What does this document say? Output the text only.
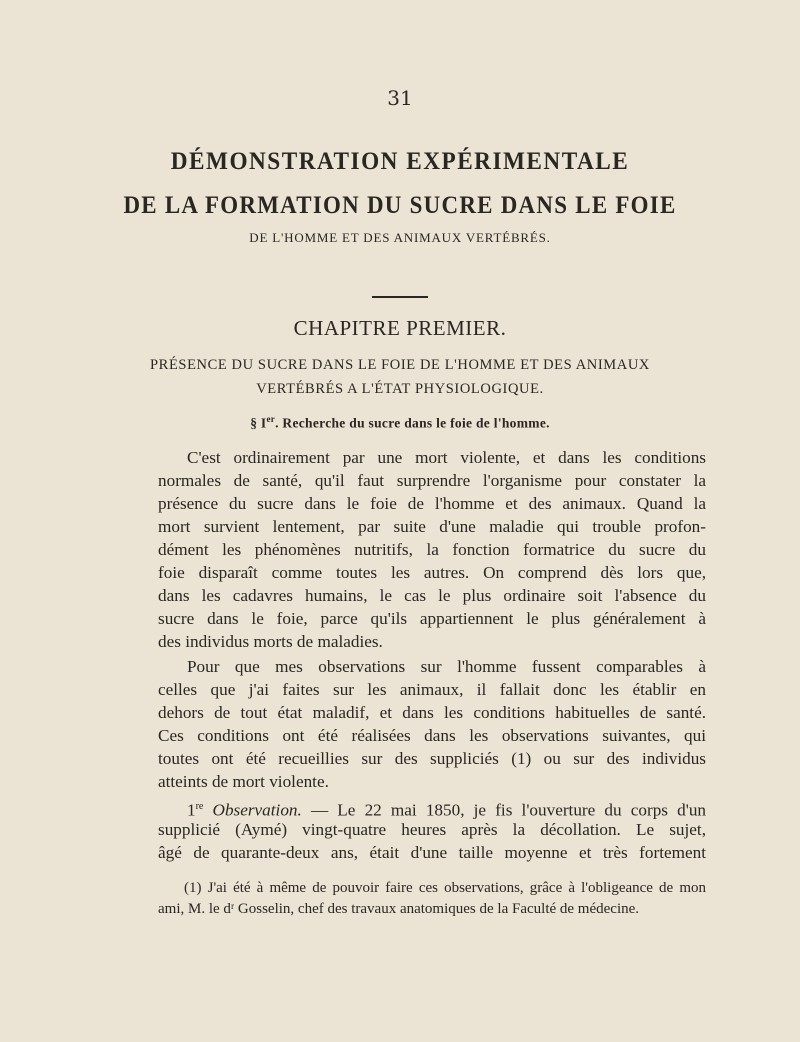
31
DÉMONSTRATION EXPÉRIMENTALE
DE LA FORMATION DU SUCRE DANS LE FOIE
DE L'HOMME ET DES ANIMAUX VERTÉBRÉS.
CHAPITRE PREMIER.
PRÉSENCE DU SUCRE DANS LE FOIE DE L'HOMME ET DES ANIMAUX
VERTÉBRÉS A L'ÉTAT PHYSIOLOGIQUE.
§ Ier. Recherche du sucre dans le foie de l'homme.
C'est ordinairement par une mort violente, et dans les conditions
normales de santé, qu'il faut surprendre l'organisme pour constater la
présence du sucre dans le foie de l'homme et des animaux. Quand la
mort survient lentement, par suite d'une maladie qui trouble profon-
dément les phénomènes nutritifs, la fonction formatrice du sucre du
foie disparaît comme toutes les autres. On comprend dès lors que,
dans les cadavres humains, le cas le plus ordinaire soit l'absence du
sucre dans le foie, parce qu'ils appartiennent le plus généralement à
des individus morts de maladies.
Pour que mes observations sur l'homme fussent comparables à
celles que j'ai faites sur les animaux, il fallait donc les établir en
dehors de tout état maladif, et dans les conditions habituelles de santé.
Ces conditions ont été réalisées dans les observations suivantes, qui
toutes ont été recueillies sur des suppliciés (1) ou sur des individus
atteints de mort violente.
1re Observation. — Le 22 mai 1850, je fis l'ouverture du corps d'un
supplicié (Aymé) vingt-quatre heures après la décollation. Le sujet,
âgé de quarante-deux ans, était d'une taille moyenne et très fortement
(1) J'ai été à même de pouvoir faire ces observations, grâce à l'obligeance de mon
ami, M. le dʳ Gosselin, chef des travaux anatomiques de la Faculté de médecine.
